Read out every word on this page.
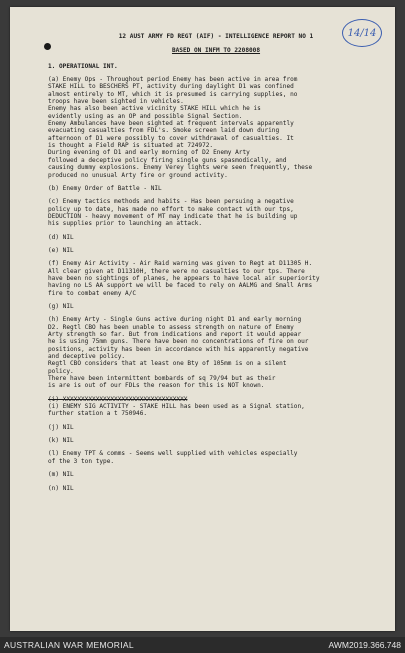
14/14
12 AUST ARMY FD REGT (AIF) - INTELLIGENCE REPORT NO 1
BASED ON INFM TO 2208008
1. OPERATIONAL INT.
(a) Enemy Ops - Throughout period Enemy has been active in area from
STAKE HILL to BESCHERS PT, activity during daylight D1 was confined
almost entirely to MT, which it is presumed is carrying supplies, no
troops have been sighted in vehicles.
Enemy has also been active vicinity STAKE HILL which he is
evidently using as an OP and possible Signal Section.
Enemy Ambulances have been sighted at frequent intervals apparently
evacuating casualties from FDL's. Smoke screen laid down during
afternoon of D1 were possibly to cover withdrawal of casualties. It
is thought a Field RAP is situated at 724972.
During evening of D1 and early morning of D2 Enemy Arty
followed a deceptive policy firing single guns spasmodically, and
causing dummy explosions. Enemy Verey lights were seen frequently, these
produced no unusual Arty fire or ground activity.
(b) Enemy Order of Battle - NIL
(c) Enemy tactics methods and habits - Has been persuing a negative
policy up to date, has made no effort to make contact with our tps,
DEDUCTION - heavy movement of MT may indicate that he is building up
his supplies prior to launching an attack.
(d) NIL
(e) NIL
(f) Enemy Air Activity - Air Raid warning was given to Regt at D11305 H.
All clear given at D11310H, there were no casualties to our tps. There
have been no sightings of planes, he appears to have local air superiority
having no LS AA support we will be faced to rely on AALMG and Small Arms
fire to combat enemy A/C
(g) NIL
(h) Enemy Arty - Single Guns active during night D1 and early morning
D2. Regtl CBO has been unable to assess strength on nature of Enemy
Arty strength so far. But from indications and report it would appear
he is using 75mm guns. There have been no concentrations of fire on our
positions, activity has been in accordance with his apparently negative
and deceptive policy.
Regtl CBO considers that at least one Bty of 105mm is on a silent
policy.
There have been intermittent bombards of sq 79/94 but as their
is are is out of our FDLs the reason for this is NOT known.
(i) XXXXXXXXXXXXXXXXXXXXXXXXXXXXXXXXXX
(i) ENEMY SIG ACTIVITY - STAKE HILL has been used as a Signal station,
further station a t 750946.
(j) NIL
(k) NIL
(l) Enemy TPT & comms - Seems well supplied with vehicles especially
of the 3 ton type.
(m) NIL
(n) NIL
AUSTRALIAN WAR MEMORIAL	AWM2019.366.748
